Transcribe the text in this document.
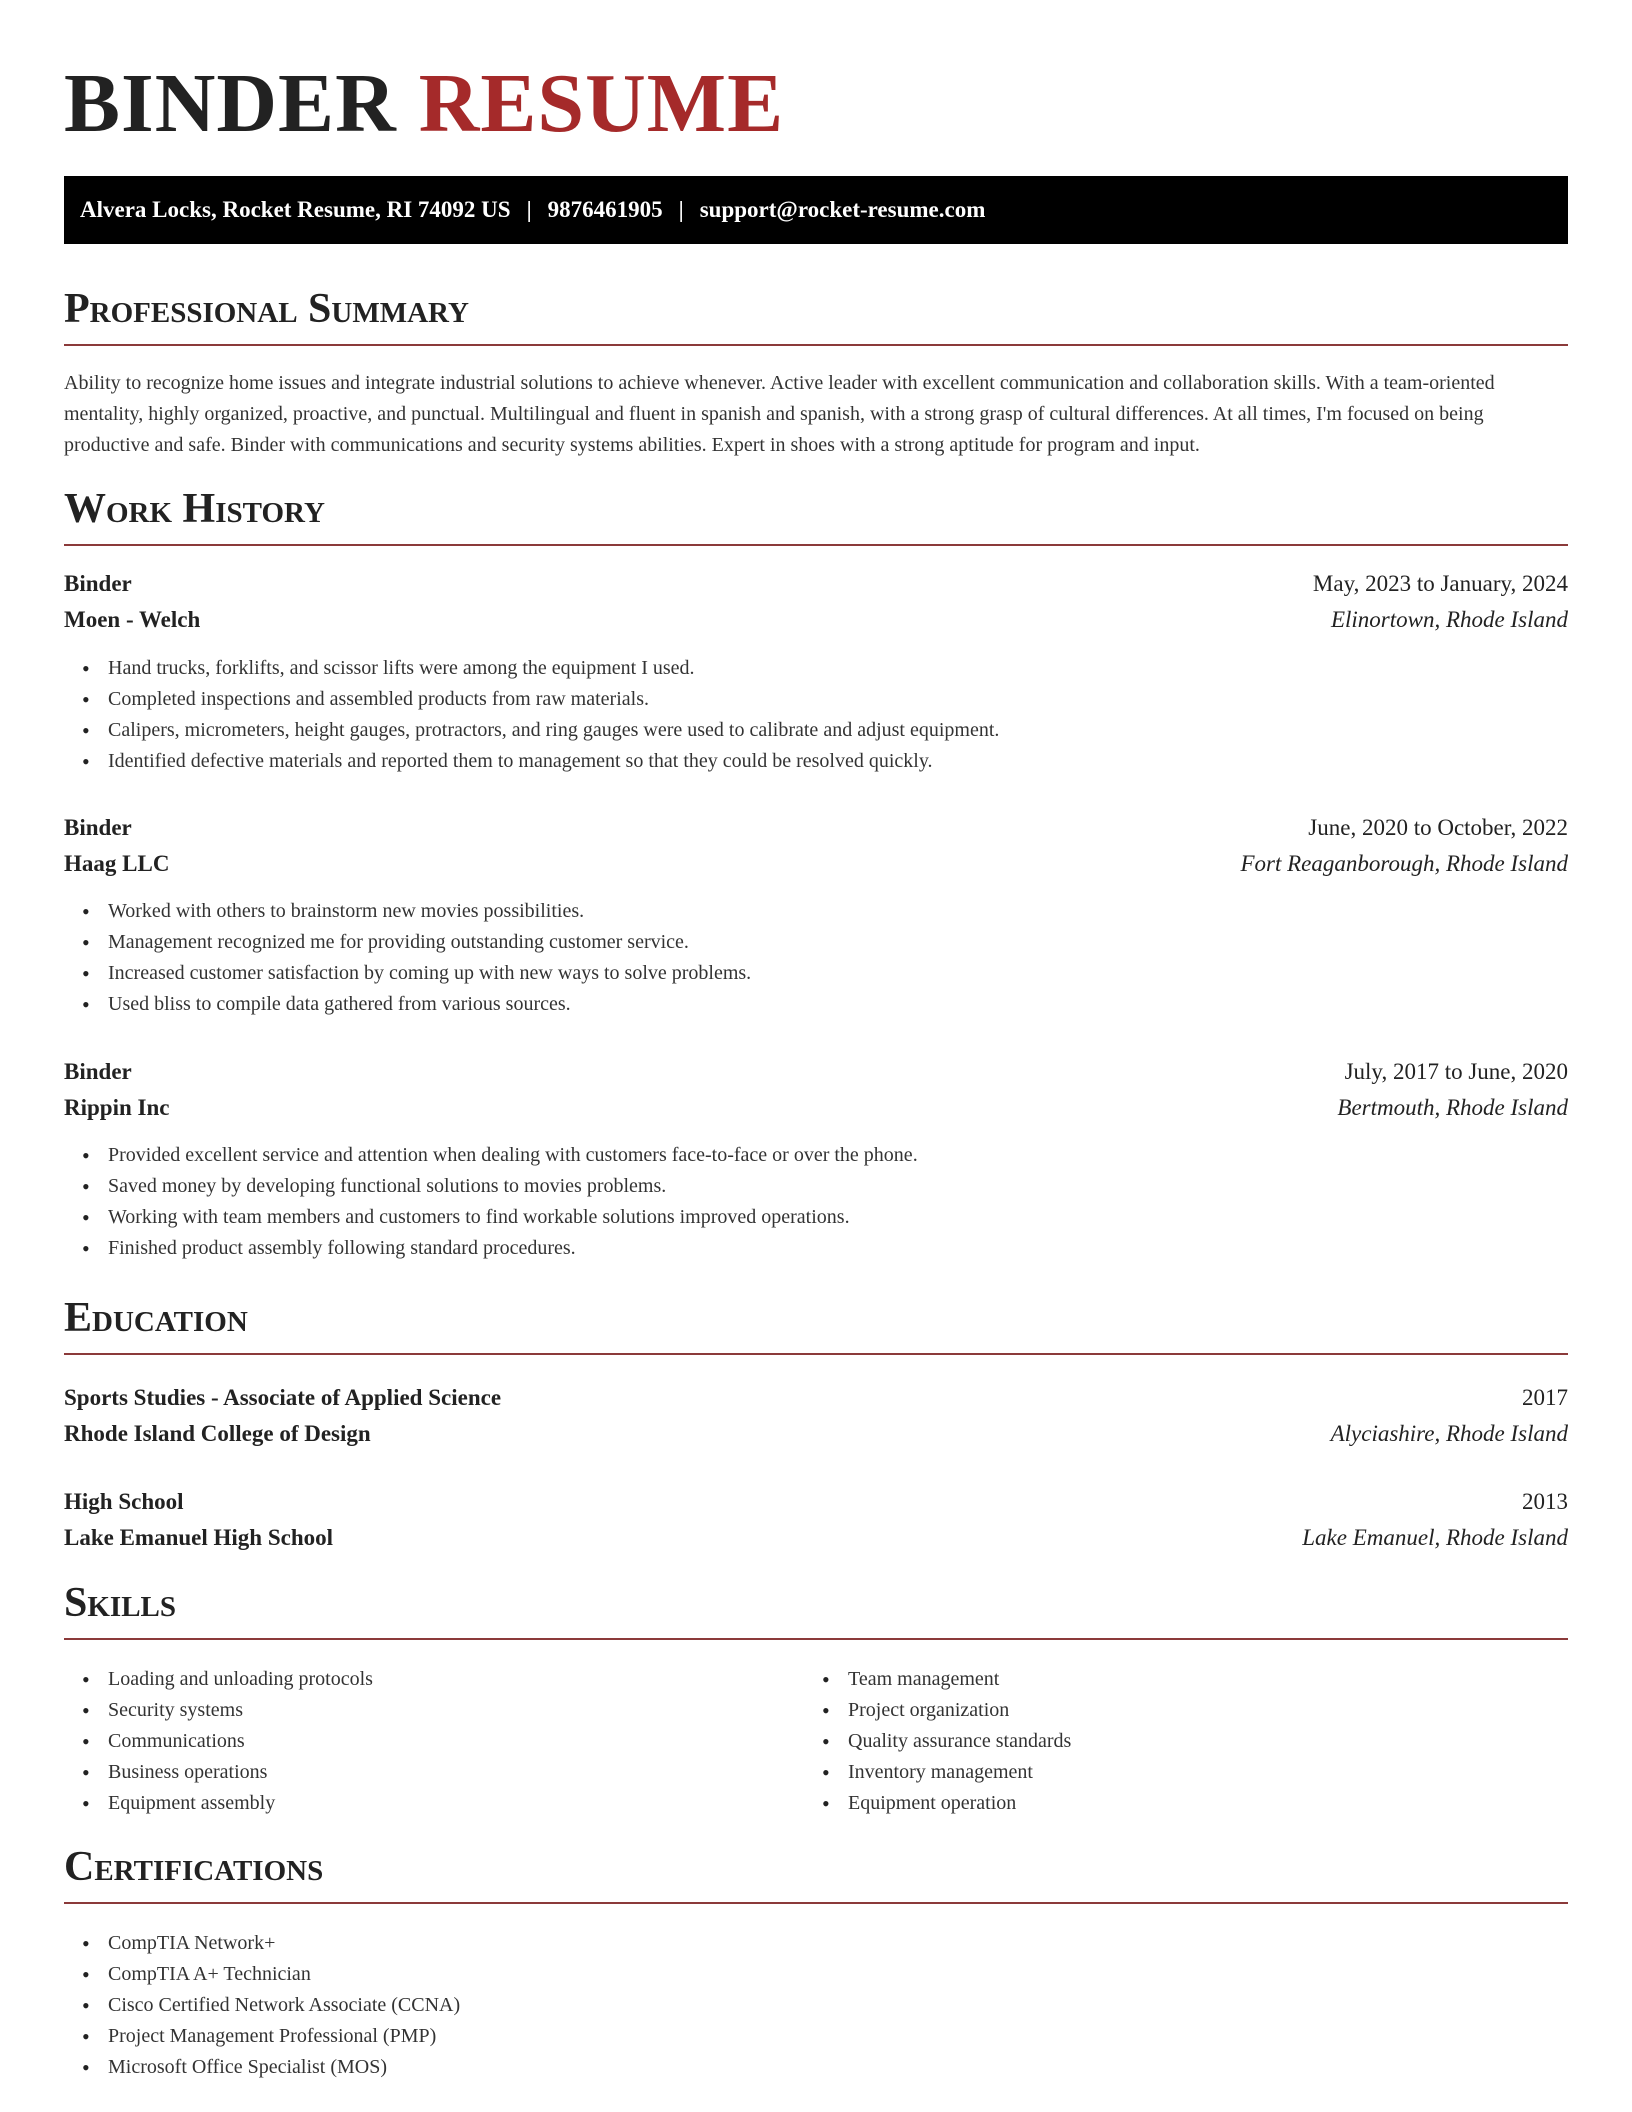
BINDER RESUME
Alvera Locks, Rocket Resume, RI 74092 US | 9876461905 | support@rocket-resume.com
Professional Summary

Ability to recognize home issues and integrate industrial solutions to achieve whenever. Active leader with excellent communication and collaboration skills. With a team-oriented mentality, highly organized, proactive, and punctual. Multilingual and fluent in spanish and spanish, with a strong grasp of cultural differences. At all times, I'm focused on being productive and safe. Binder with communications and security systems abilities. Expert in shoes with a strong aptitude for program and input.

Work History
Binder	May, 2023 to January, 2024
Moen - Welch	Elinortown, Rhode Island
• Hand trucks, forklifts, and scissor lifts were among the equipment I used.
• Completed inspections and assembled products from raw materials.
• Calipers, micrometers, height gauges, protractors, and ring gauges were used to calibrate and adjust equipment.
• Identified defective materials and reported them to management so that they could be resolved quickly.
Binder	June, 2020 to October, 2022
Haag LLC	Fort Reaganborough, Rhode Island
• Worked with others to brainstorm new movies possibilities.
• Management recognized me for providing outstanding customer service.
• Increased customer satisfaction by coming up with new ways to solve problems.
• Used bliss to compile data gathered from various sources.
Binder	July, 2017 to June, 2020
Rippin Inc	Bertmouth, Rhode Island
• Provided excellent service and attention when dealing with customers face-to-face or over the phone.
• Saved money by developing functional solutions to movies problems.
• Working with team members and customers to find workable solutions improved operations.
• Finished product assembly following standard procedures.
Education
Sports Studies - Associate of Applied Science	2017
Rhode Island College of Design	Alyciashire, Rhode Island
High School	2013
Lake Emanuel High School	Lake Emanuel, Rhode Island
Skills
• Loading and unloading protocols
• Security systems
• Communications
• Business operations
• Equipment assembly
• Team management
• Project organization
• Quality assurance standards
• Inventory management
• Equipment operation
Certifications
• CompTIA Network+
• CompTIA A+ Technician
• Cisco Certified Network Associate (CCNA)
• Project Management Professional (PMP)
• Microsoft Office Specialist (MOS)
